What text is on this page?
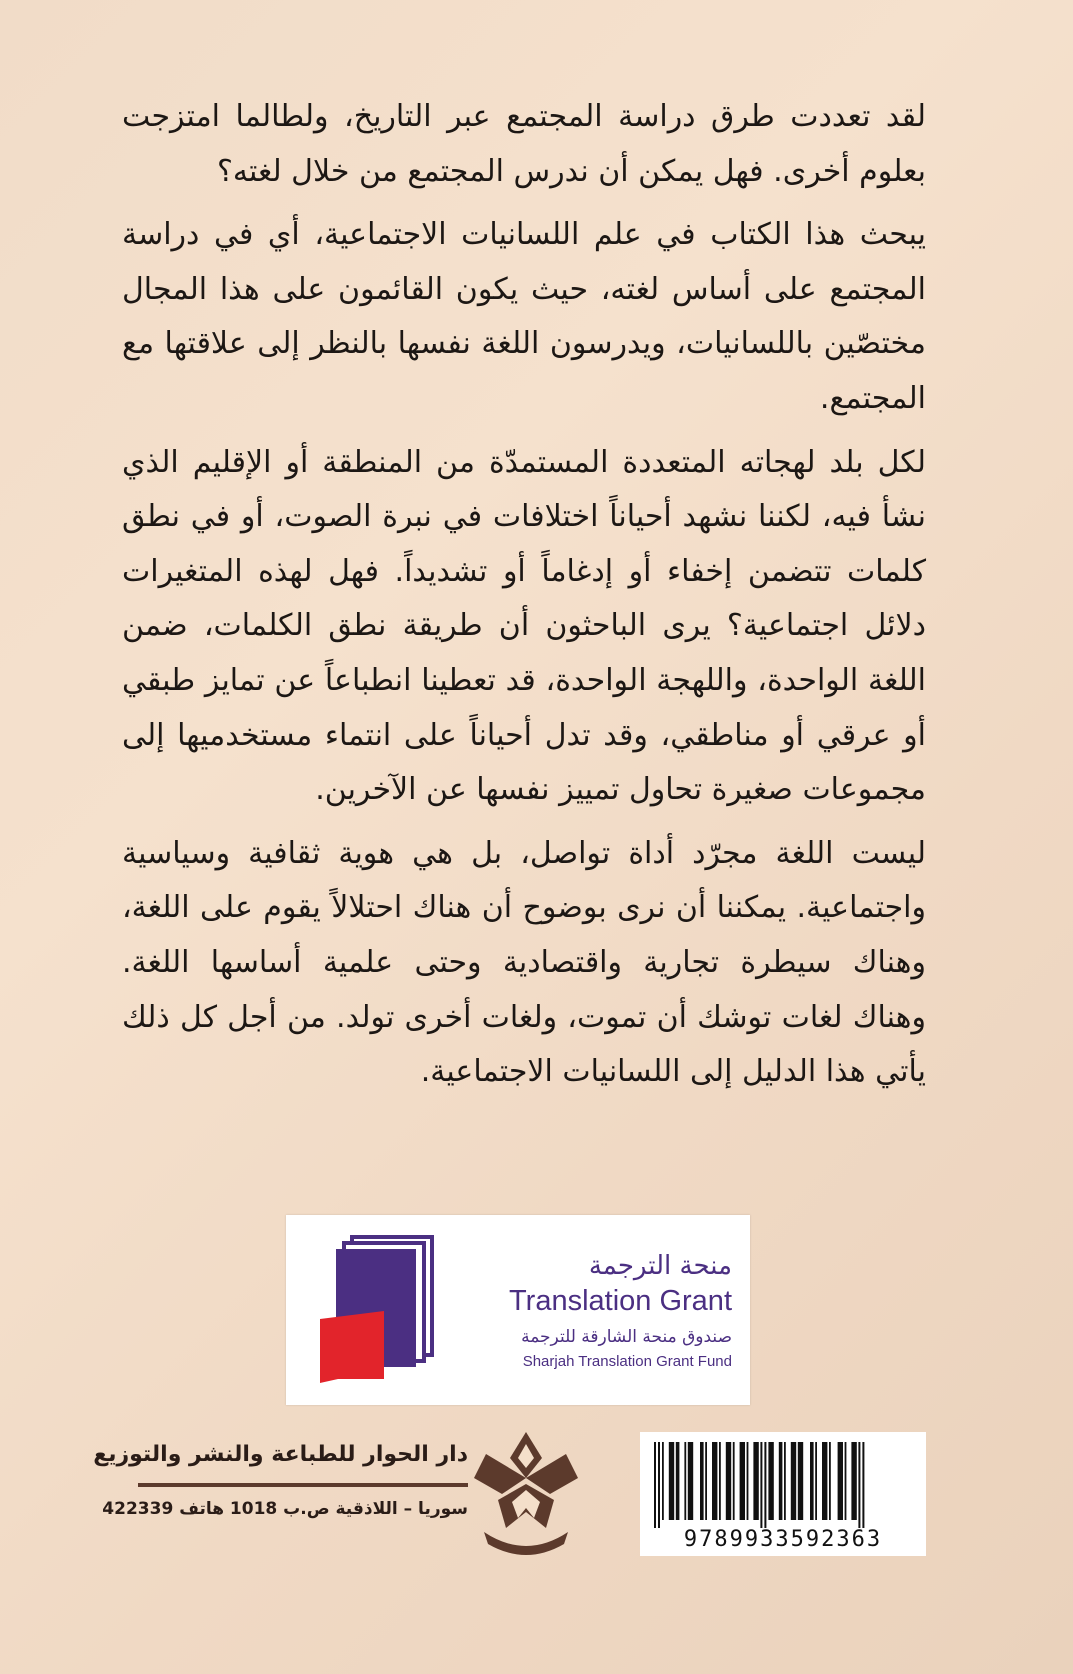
لقد تعددت طرق دراسة المجتمع عبر التاريخ، ولطالما امتزجت بعلوم أخرى. فهل يمكن أن ندرس المجتمع من خلال لغته؟

يبحث هذا الكتاب في علم اللسانيات الاجتماعية، أي في دراسة المجتمع على أساس لغته، حيث يكون القائمون على هذا المجال مختصّين باللسانيات، ويدرسون اللغة نفسها بالنظر إلى علاقتها مع المجتمع.

لكل بلد لهجاته المتعددة المستمدّة من المنطقة أو الإقليم الذي نشأ فيه، لكننا نشهد أحياناً اختلافات في نبرة الصوت، أو في نطق كلمات تتضمن إخفاء أو إدغاماً أو تشديداً. فهل لهذه المتغيرات دلائل اجتماعية؟ يرى الباحثون أن طريقة نطق الكلمات، ضمن اللغة الواحدة، واللهجة الواحدة، قد تعطينا انطباعاً عن تمايز طبقي أو عرقي أو مناطقي، وقد تدل أحياناً على انتماء مستخدميها إلى مجموعات صغيرة تحاول تمييز نفسها عن الآخرين.

ليست اللغة مجرّد أداة تواصل، بل هي هوية ثقافية وسياسية واجتماعية. يمكننا أن نرى بوضوح أن هناك احتلالاً يقوم على اللغة، وهناك سيطرة تجارية واقتصادية وحتى علمية أساسها اللغة. وهناك لغات توشك أن تموت، ولغات أخرى تولد. من أجل كل ذلك يأتي هذا الدليل إلى اللسانيات الاجتماعية.

منحة الترجمة
Translation Grant
صندوق منحة الشارقة للترجمة
Sharjah Translation Grant Fund
دار الحوار للطباعة والنشر والتوزيع
سوريا – اللاذقية ص.ب 1018 هاتف 422339
9789933592363
